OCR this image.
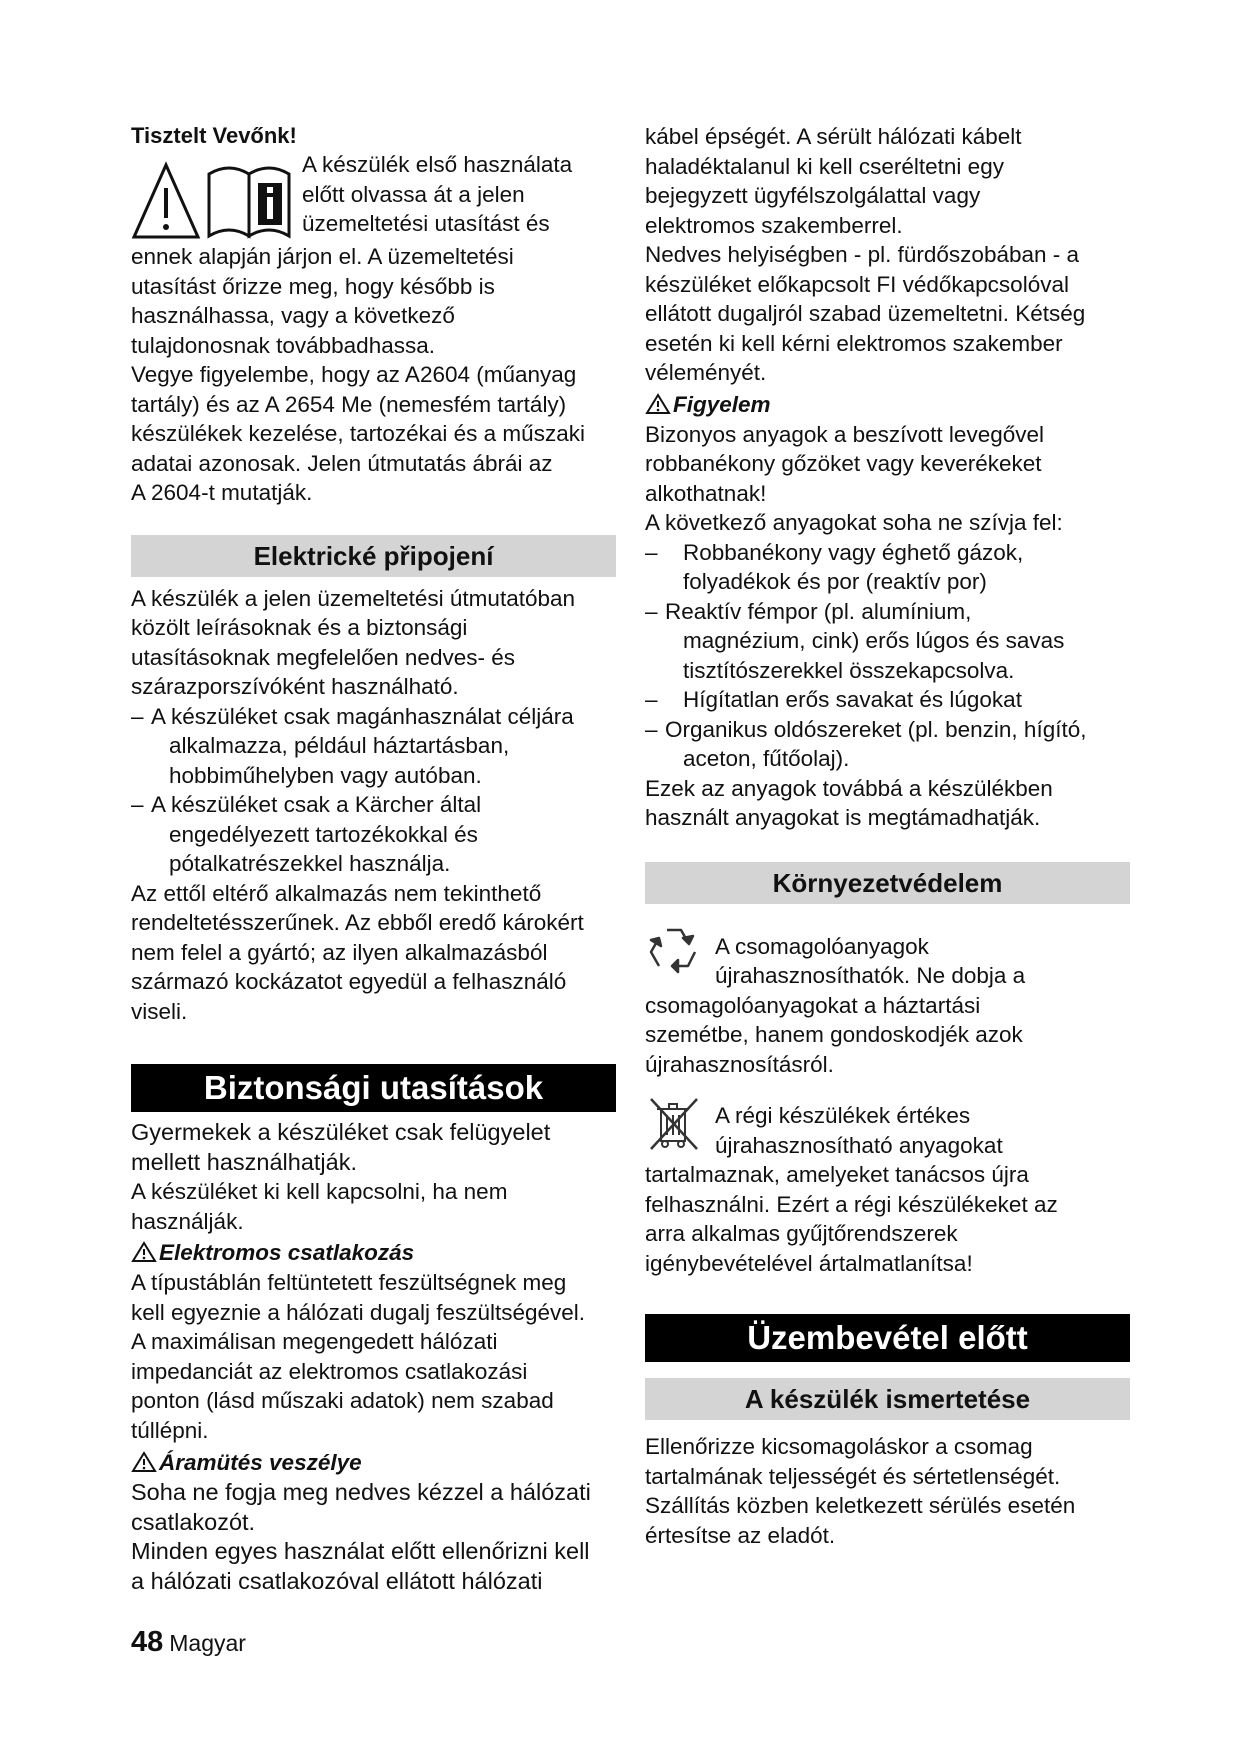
Tisztelt Vevőnk!

A készülék első használata

előtt olvassa át a jelen

üzemeltetési utasítást és

ennek alapján járjon el. A üzemeltetési

utasítást őrizze meg, hogy később is

használhassa, vagy a következő

tulajdonosnak továbbadhassa.

Vegye figyelembe, hogy az A2604 (műanyag

tartály) és az A 2654 Me (nemesfém tartály)

készülékek kezelése, tartozékai és a műszaki

adatai azonosak. Jelen útmutatás ábrái az

A 2604-t mutatják.

Elektrické připojení

A készülék a jelen üzemeltetési útmutatóban

közölt leírásoknak és a biztonsági

utasításoknak megfelelően nedves- és

szárazporszívóként használható.

– A készüléket csak magánhasználat céljára
alkalmazza, például háztartásban,
hobbiműhelyben vagy autóban.
– A készüléket csak a Kärcher által
engedélyezett tartozékokkal és
pótalkatrészekkel használja.

Az ettől eltérő alkalmazás nem tekinthető

rendeltetésszerűnek. Az ebből eredő károkért

nem felel a gyártó; az ilyen alkalmazásból

származó kockázatot egyedül a felhasználó

viseli.

Biztonsági utasítások

Gyermekek a készüléket csak felügyelet

mellett használhatják.

A készüléket ki kell kapcsolni, ha nem

használják.

Elektromos csatlakozás

A típustáblán feltüntetett feszültségnek meg

kell egyeznie a hálózati dugalj feszültségével.

A maximálisan megengedett hálózati

impedanciát az elektromos csatlakozási

ponton (lásd műszaki adatok) nem szabad

túllépni.

Áramütés veszélye

Soha ne fogja meg nedves kézzel a hálózati

csatlakozót.

Minden egyes használat előtt ellenőrizni kell

a hálózati csatlakozóval ellátott hálózati

kábel épségét. A sérült hálózati kábelt

haladéktalanul ki kell cseréltetni egy

bejegyzett ügyfélszolgálattal vagy

elektromos szakemberrel.

Nedves helyiségben - pl. fürdőszobában - a

készüléket előkapcsolt FI védőkapcsolóval

ellátott dugaljról szabad üzemeltetni. Kétség

esetén ki kell kérni elektromos szakember

véleményét.

Figyelem

Bizonyos anyagok a beszívott levegővel

robbanékony gőzöket vagy keverékeket

alkothatnak!

A következő anyagokat soha ne szívja fel:

– Robbanékony vagy éghető gázok,
folyadékok és por (reaktív por)
– Reaktív fémpor (pl. alumínium,
magnézium, cink) erős lúgos és savas
tisztítószerekkel összekapcsolva.
– Hígítatlan erős savakat és lúgokat
– Organikus oldószereket (pl. benzin, hígító,
aceton, fűtőolaj).

Ezek az anyagok továbbá a készülékben

használt anyagokat is megtámadhatják.

Környezetvédelem

A csomagolóanyagok

újrahasznosíthatók. Ne dobja a

csomagolóanyagokat a háztartási

szemétbe, hanem gondoskodjék azok

újrahasznosításról.

A régi készülékek értékes

újrahasznosítható anyagokat

tartalmaznak, amelyeket tanácsos újra

felhasználni. Ezért a régi készülékeket az

arra alkalmas gyűjtőrendszerek

igénybevételével ártalmatlanítsa!

Üzembevétel előtt
A készülék ismertetése

Ellenőrizze kicsomagoláskor a csomag

tartalmának teljességét és sértetlenségét.

Szállítás közben keletkezett sérülés esetén

értesítse az eladót.

48 Magyar
